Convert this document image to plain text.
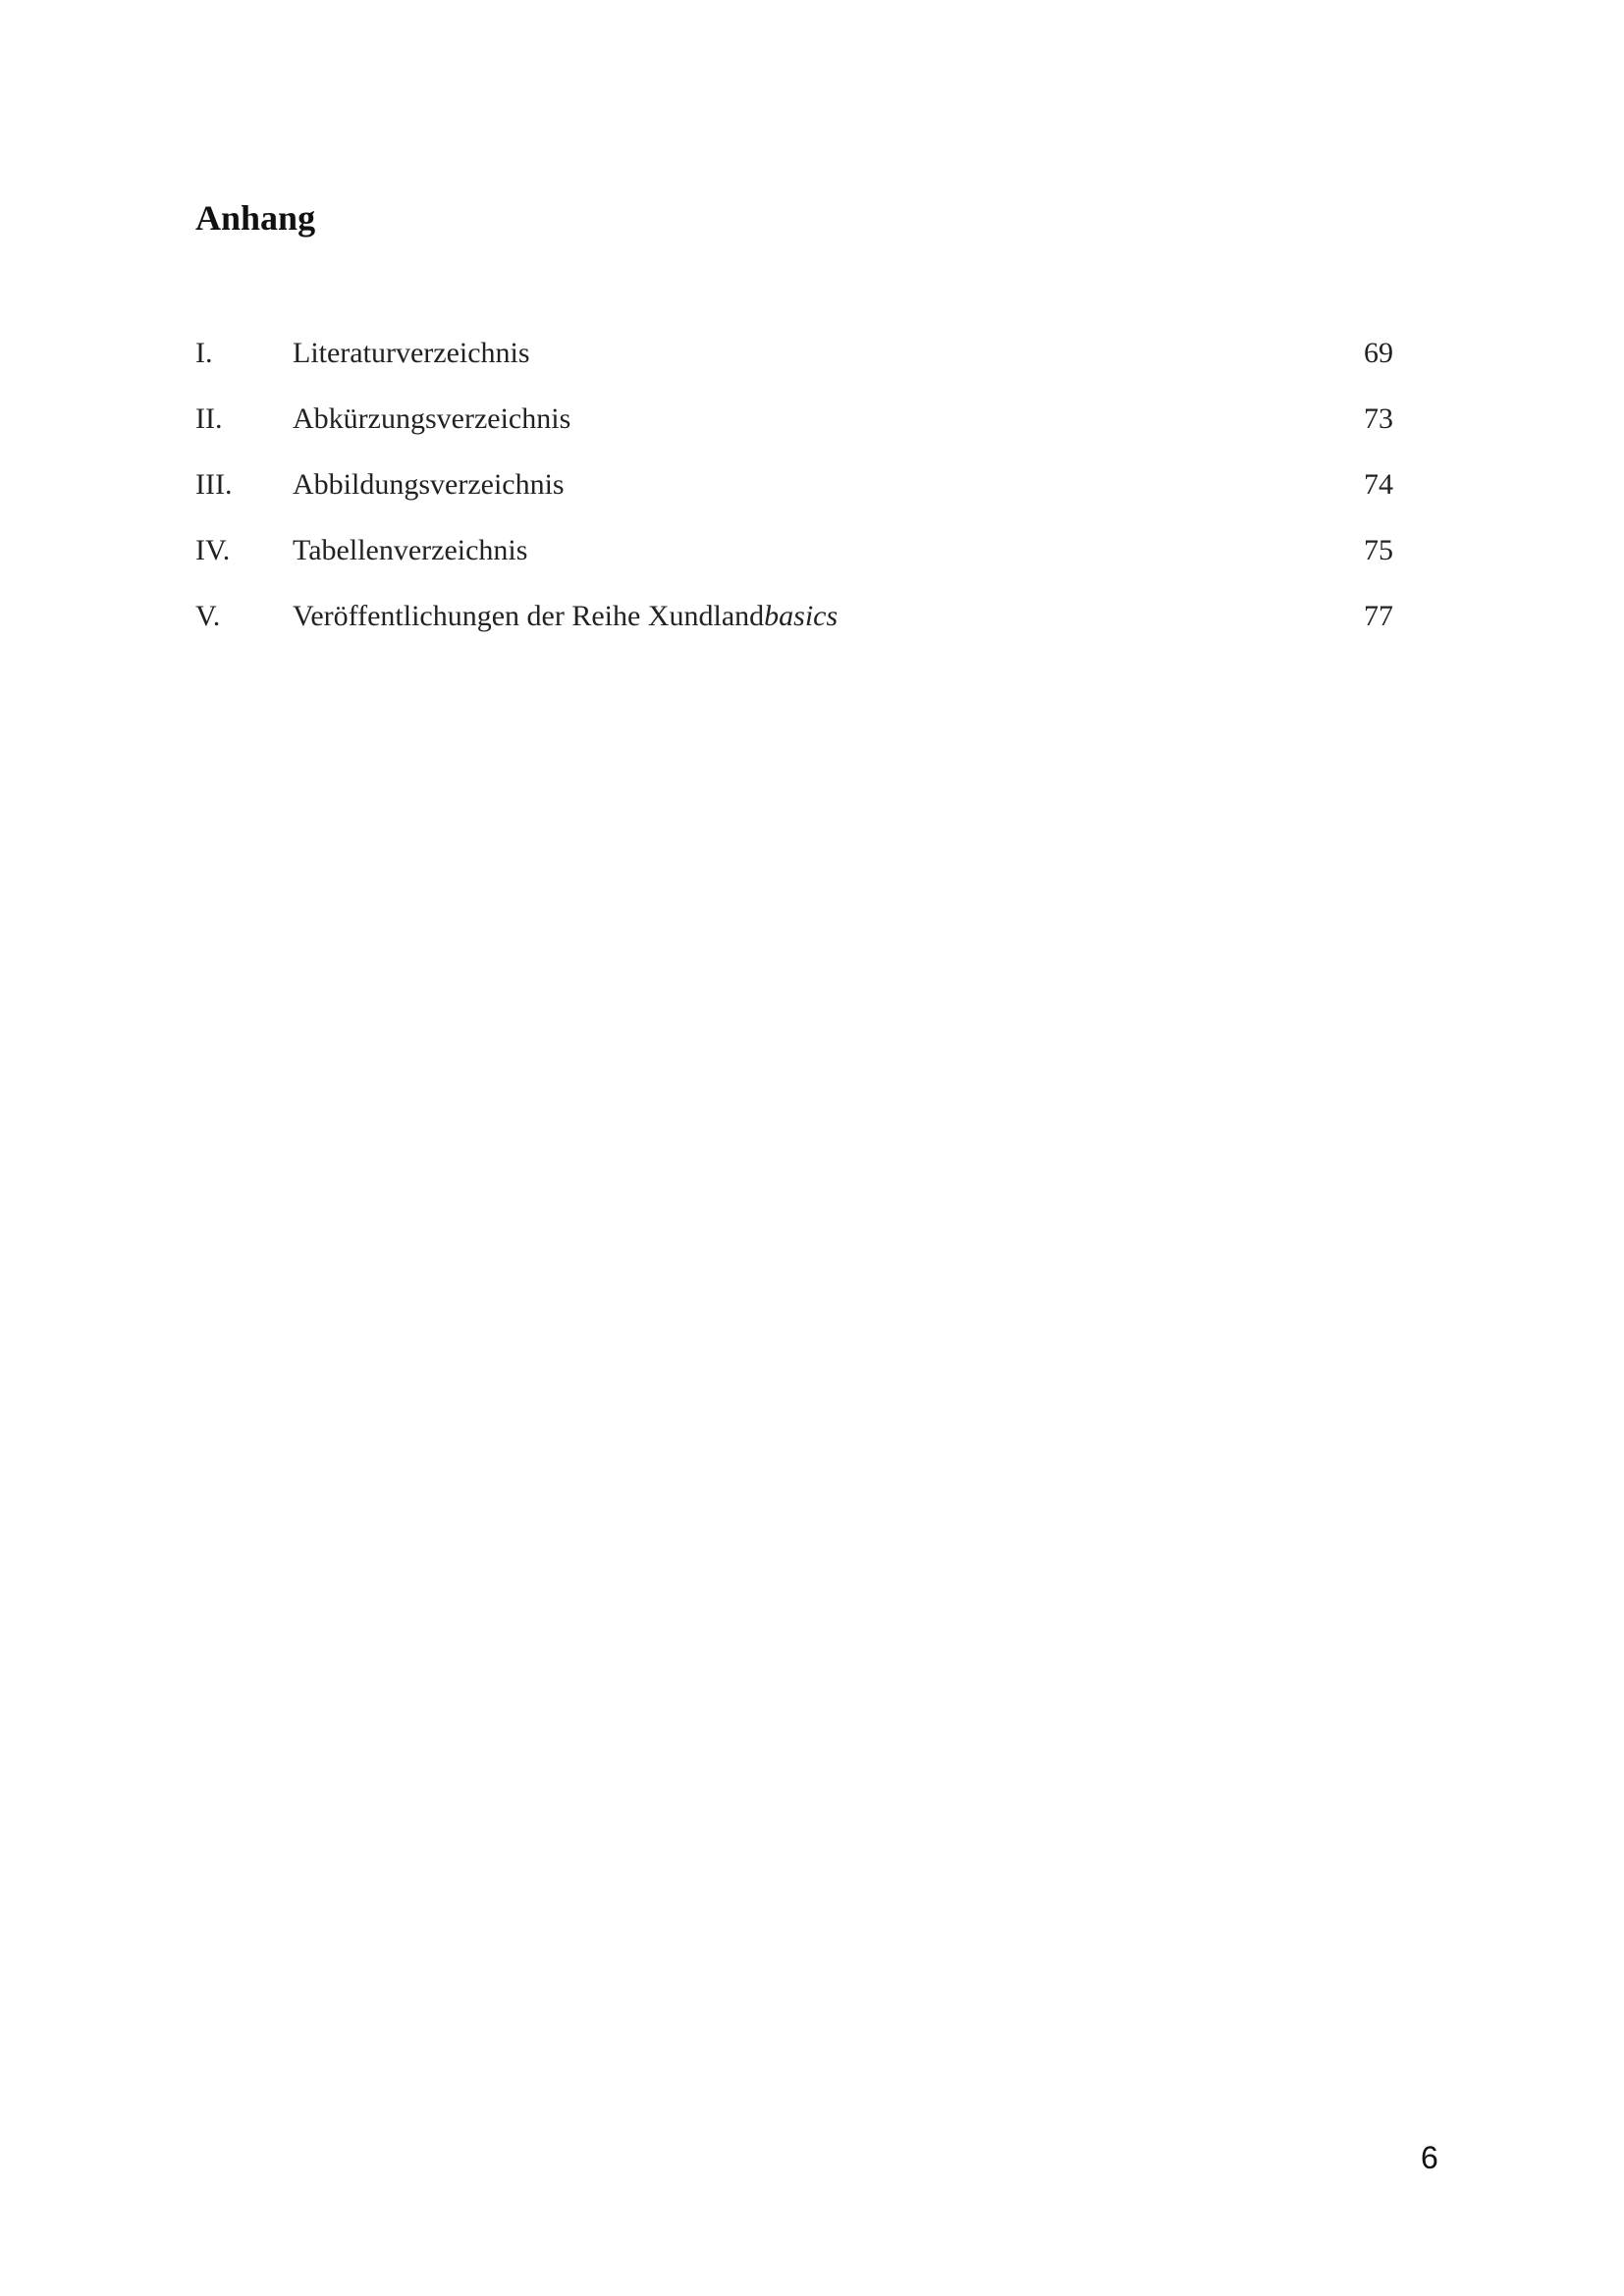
Anhang
I.	Literaturverzeichnis	69
II. Abkürzungsverzeichnis	73
III. Abbildungsverzeichnis	74
IV. Tabellenverzeichnis	75
V. Veröffentlichungen der Reihe Xundlandbasics	77
6
